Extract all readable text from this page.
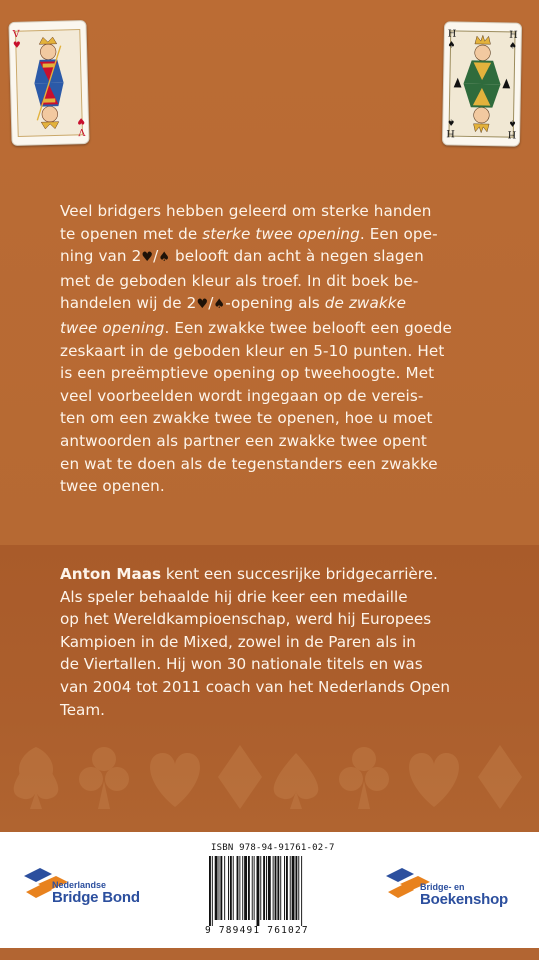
V
♥
V
♥
H
♠
H
♠
H
♠
H
♠
Veel bridgers hebben geleerd om sterke handen
te openen met de sterke twee opening. Een ope-
ning van 2♥/♠ belooft dan acht à negen slagen
met de geboden kleur als troef. In dit boek be-
handelen wij de 2♥/♠-opening als de zwakke
twee opening. Een zwakke twee belooft een goede
zeskaart in de geboden kleur en 5-10 punten. Het
is een preëmptieve opening op tweehoogte. Met
veel voorbeelden wordt ingegaan op de vereis-
ten om een zwakke twee te openen, hoe u moet
antwoorden als partner een zwakke twee opent
en wat te doen als de tegenstanders een zwakke
twee openen.
Anton Maas kent een succesrijke bridgecarrière.
Als speler behaalde hij drie keer een medaille
op het Wereldkampioenschap, werd hij Europees
Kampioen in de Mixed, zowel in de Paren als in
de Viertallen. Hij won 30 nationale titels en was
van 2004 tot 2011 coach van het Nederlands Open
Team.
Nederlandse
Bridge Bond
ISBN 978-94-91761-02-7
9 789491 761027
Bridge- en
Boekenshop
